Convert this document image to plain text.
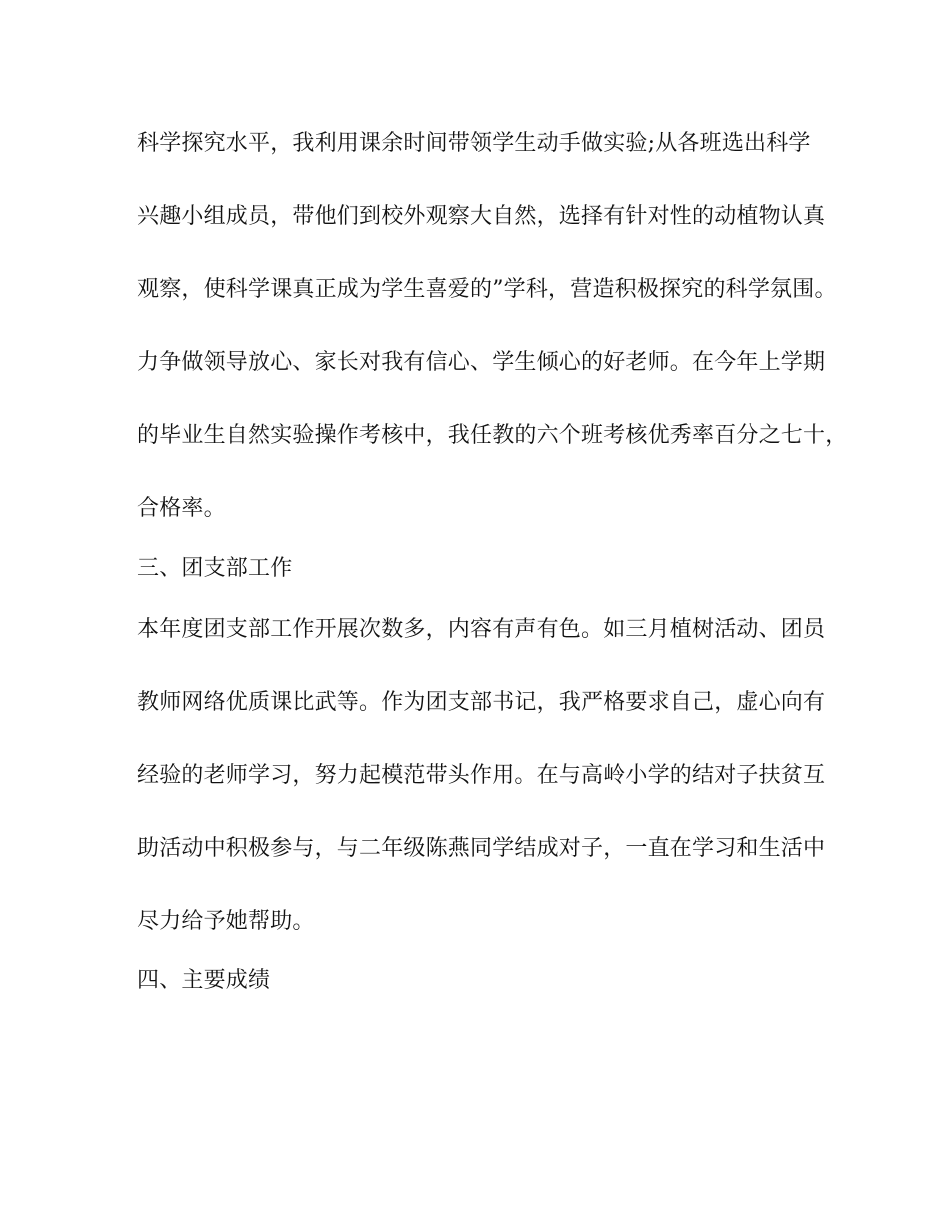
科学探究水平，我利用课余时间带领学生动手做实验;从各班选出科学

兴趣小组成员，带他们到校外观察大自然，选择有针对性的动植物认真

观察，使科学课真正成为学生喜爱的”学科，营造积极探究的科学氛围。

力争做领导放心、家长对我有信心、学生倾心的好老师。在今年上学期

的毕业生自然实验操作考核中，我任教的六个班考核优秀率百分之七十，

合格率。

三、团支部工作

本年度团支部工作开展次数多，内容有声有色。如三月植树活动、团员

教师网络优质课比武等。作为团支部书记，我严格要求自己，虚心向有

经验的老师学习，努力起模范带头作用。在与高岭小学的结对子扶贫互

助活动中积极参与，与二年级陈燕同学结成对子，一直在学习和生活中

尽力给予她帮助。

四、主要成绩
